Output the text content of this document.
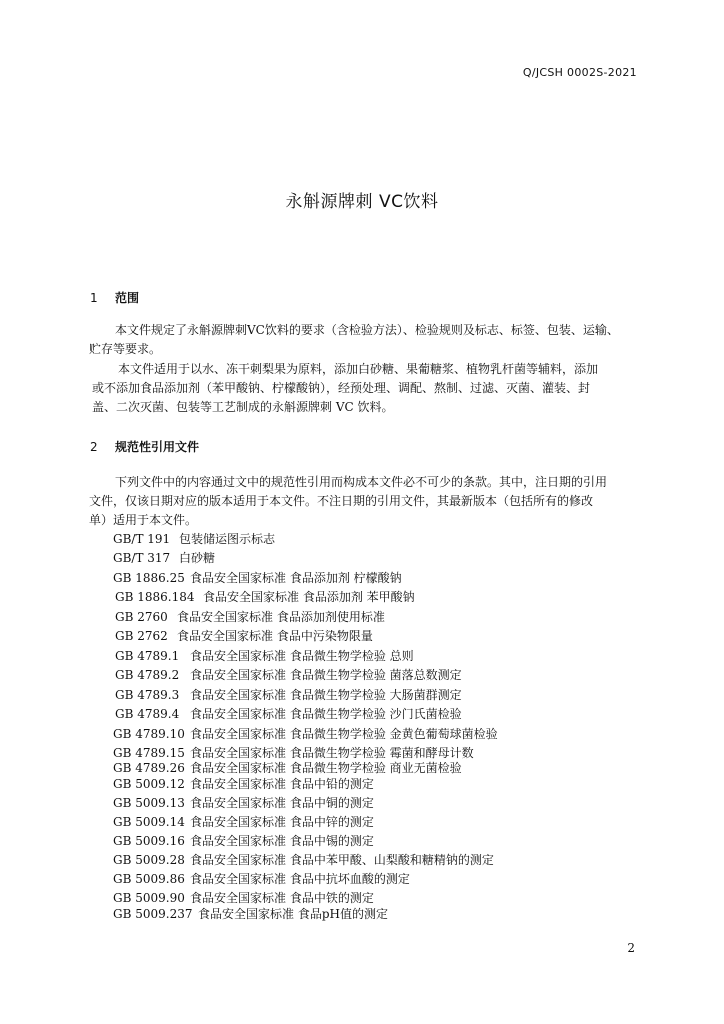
Q/JCSH 0002S-2021
永斛源牌刺 VC饮料
1 范围
本文件规定了永斛源牌刺VC饮料的要求（含检验方法）、检验规则及标志、标签、包装、运输、
贮存等要求。
本文件适用于以水、冻干刺梨果为原料，添加白砂糖、果葡糖浆、植物乳杆菌等辅料，添加
或不添加食品添加剂（苯甲酸钠、柠檬酸钠），经预处理、调配、熬制、过滤、灭菌、灌装、封
盖、二次灭菌、包装等工艺制成的永斛源牌刺 VC 饮料。
2 规范性引用文件
下列文件中的内容通过文中的规范性引用而构成本文件必不可少的条款。其中，注日期的引用
文件，仅该日期对应的版本适用于本文件。不注日期的引用文件，其最新版本（包括所有的修改
单）适用于本文件。
GB/T 191 包装储运图示标志
GB/T 317 白砂糖
GB 1886.25 食品安全国家标准 食品添加剂 柠檬酸钠
GB 1886.184 食品安全国家标准 食品添加剂 苯甲酸钠
GB 2760 食品安全国家标准 食品添加剂使用标准
GB 2762 食品安全国家标准 食品中污染物限量
GB 4789.1 食品安全国家标准 食品微生物学检验 总则
GB 4789.2 食品安全国家标准 食品微生物学检验 菌落总数测定
GB 4789.3 食品安全国家标准 食品微生物学检验 大肠菌群测定
GB 4789.4 食品安全国家标准 食品微生物学检验 沙门氏菌检验
GB 4789.10 食品安全国家标准 食品微生物学检验 金黄色葡萄球菌检验
GB 4789.15 食品安全国家标准 食品微生物学检验 霉菌和酵母计数
GB 4789.26 食品安全国家标准 食品微生物学检验 商业无菌检验
GB 5009.12 食品安全国家标准 食品中铅的测定
GB 5009.13 食品安全国家标准 食品中铜的测定
GB 5009.14 食品安全国家标准 食品中锌的测定
GB 5009.16 食品安全国家标准 食品中锡的测定
GB 5009.28 食品安全国家标准 食品中苯甲酸、山梨酸和糖精钠的测定
GB 5009.86 食品安全国家标准 食品中抗坏血酸的测定
GB 5009.90 食品安全国家标准 食品中铁的测定
GB 5009.237 食品安全国家标准 食品pH值的测定
2
